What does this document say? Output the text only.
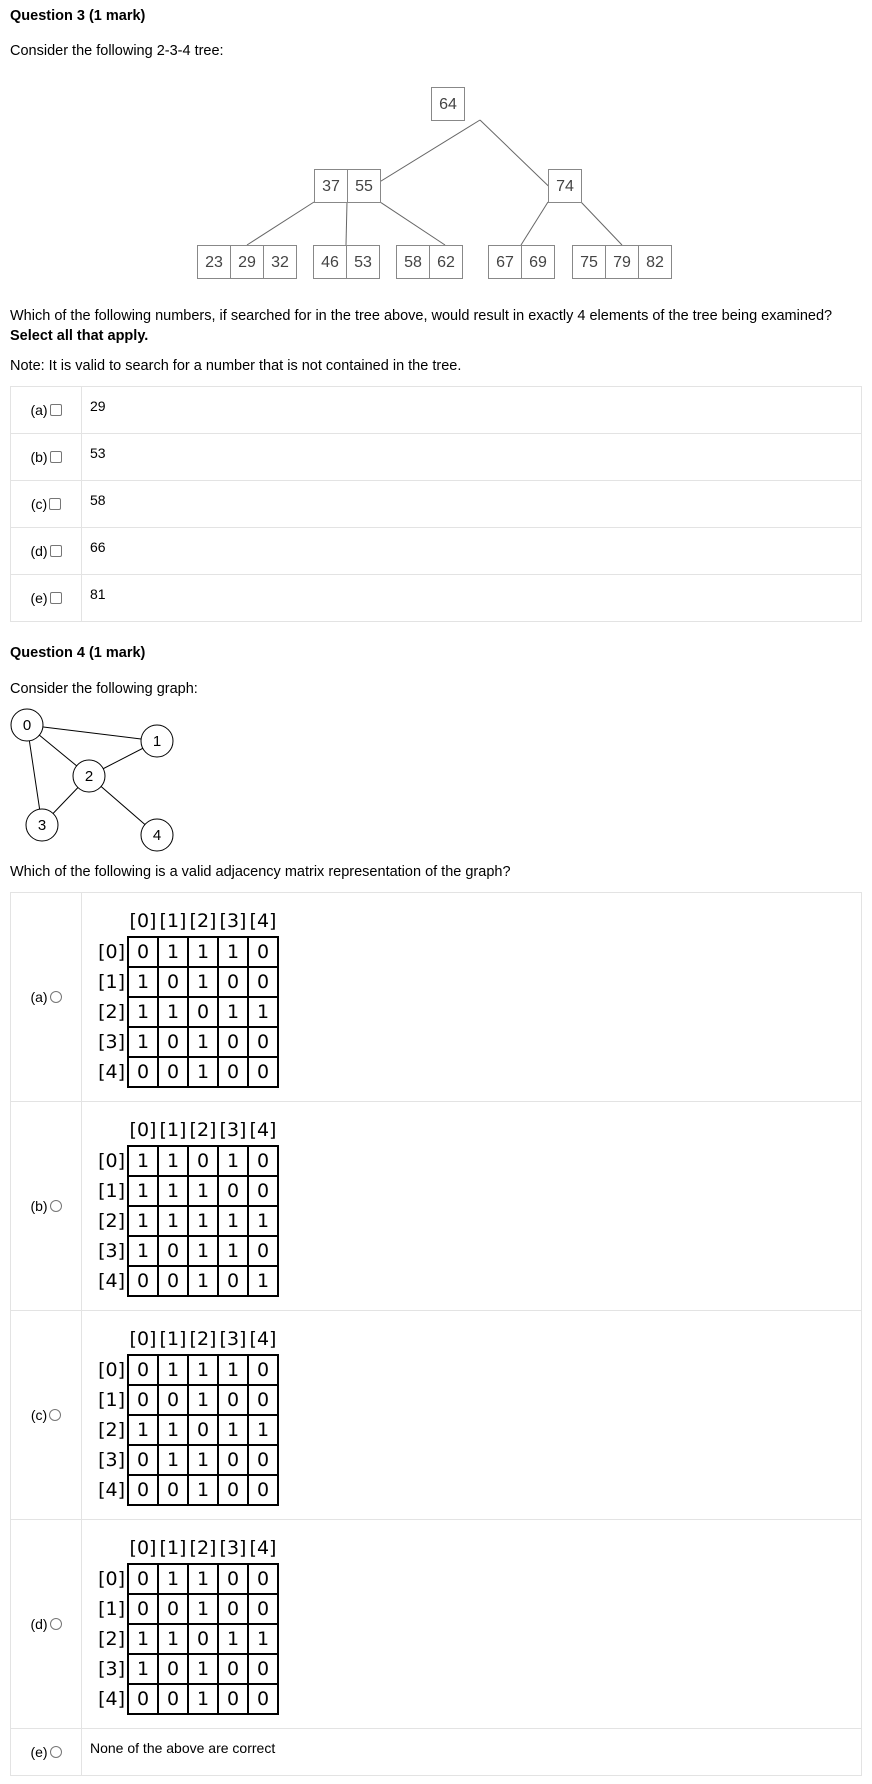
Question 3 (1 mark)
Consider the following 2-3-4 tree:
64
37 55	74
23 29 32 46 53 58 62	67 69 75 79 82
Which of the following numbers, if searched for in the tree above, would result in exactly 4 elements of the tree being examined? Select all that apply.
Note: It is valid to search for a number that is not contained in the tree.
(a)	29
(b)	53
(c)	58
(d)	66
(e)	81
Question 4 (1 mark)
Consider the following graph:
0
1
2
3
4
Which of the following is a valid adjacency matrix representation of the graph?
(a)	
	[0]	[1]	[2]	[3]	[4]
[0]	0	1	1	1	0
[1]	1	0	1	0	0
[2]	1	1	0	1	1
[3]	1	0	1	0	0
[4]	0	0	1	0	0

(b)	
	[0]	[1]	[2]	[3]	[4]
[0]	1	1	0	1	0
[1]	1	1	1	0	0
[2]	1	1	1	1	1
[3]	1	0	1	1	0
[4]	0	0	1	0	1

(c)	
	[0]	[1]	[2]	[3]	[4]
[0]	0	1	1	1	0
[1]	0	0	1	0	0
[2]	1	1	0	1	1
[3]	0	1	1	0	0
[4]	0	0	1	0	0

(d)	
	[0]	[1]	[2]	[3]	[4]
[0]	0	1	1	0	0
[1]	0	0	1	0	0
[2]	1	1	0	1	1
[3]	1	0	1	0	0
[4]	0	0	1	0	0

(e)	None of the above are correct
